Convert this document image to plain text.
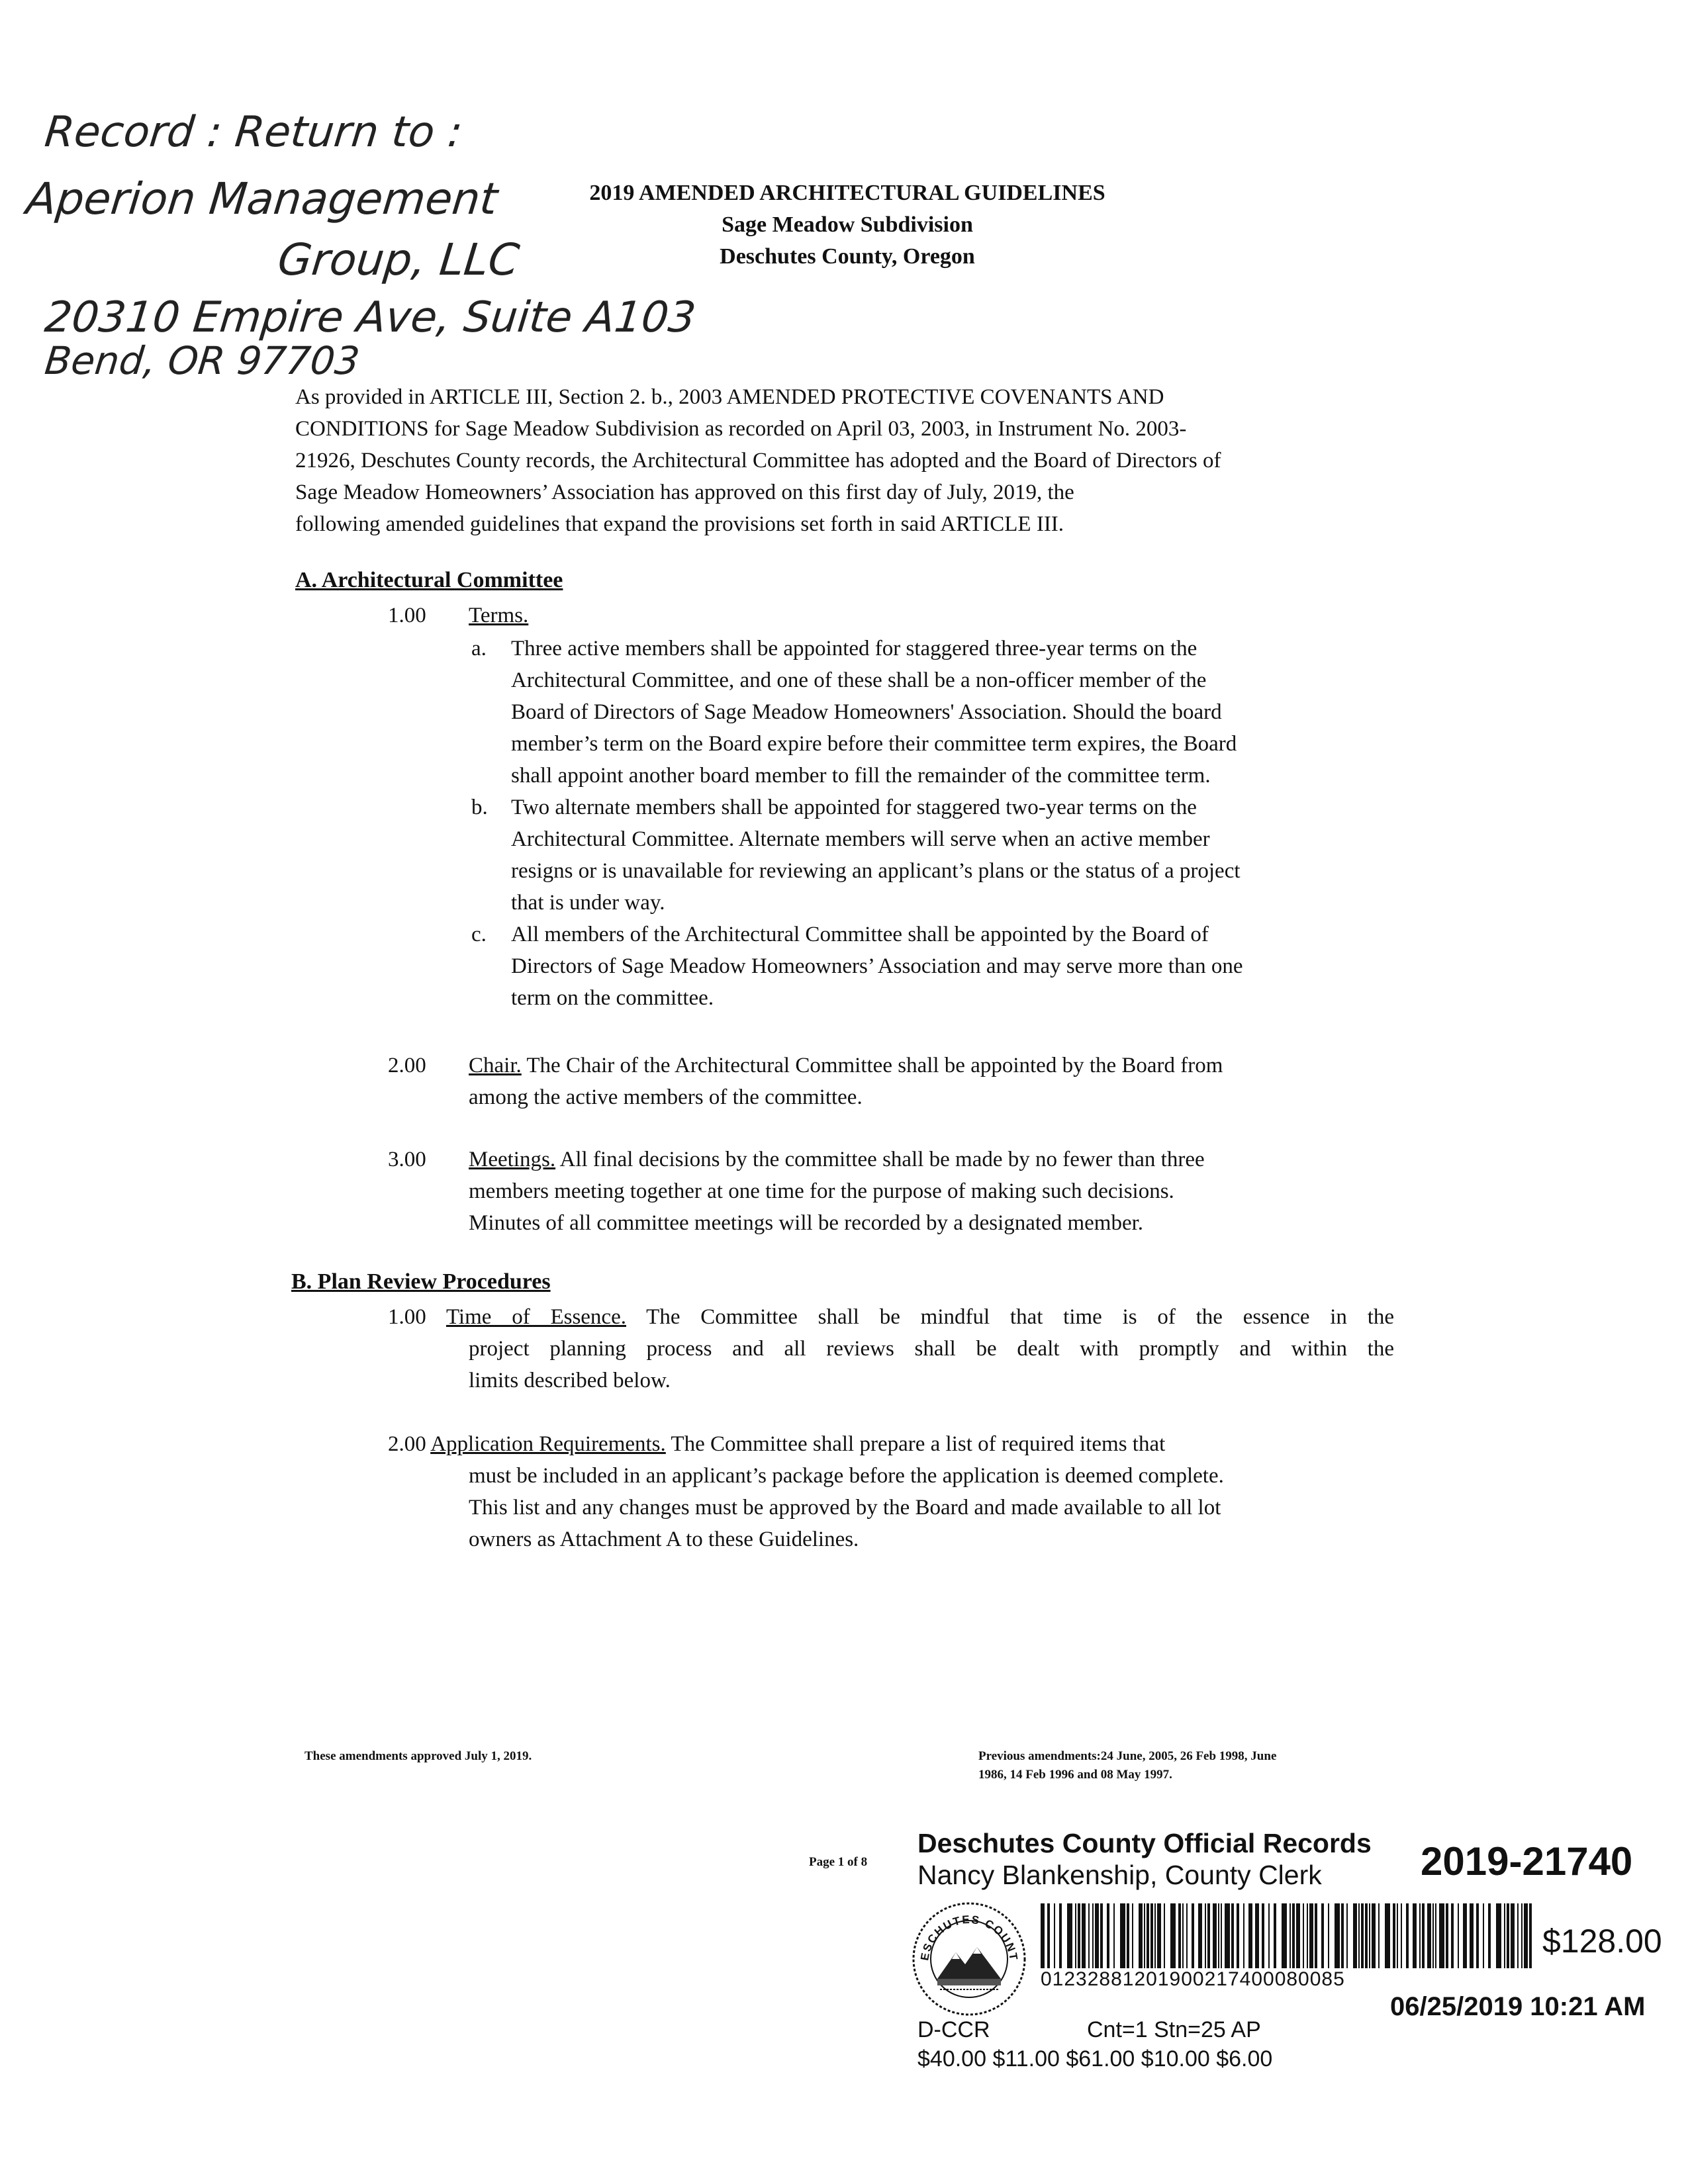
Record : Return to :
Aperion Management
Group, LLC
20310 Empire Ave, Suite A103
Bend, OR 97703
2019 AMENDED ARCHITECTURAL GUIDELINES
Sage Meadow Subdivision
Deschutes County, Oregon
As provided in ARTICLE III, Section 2. b., 2003 AMENDED PROTECTIVE COVENANTS AND
CONDITIONS for Sage Meadow Subdivision as recorded on April 03, 2003, in Instrument No. 2003-
21926, Deschutes County records, the Architectural Committee has adopted and the Board of Directors of
Sage Meadow Homeowners’ Association has approved on this first day of July, 2019, the
following amended guidelines that expand the provisions set forth in said ARTICLE III.
A. Architectural Committee
1.00 Terms.
a. Three active members shall be appointed for staggered three-year terms on the
Architectural Committee, and one of these shall be a non-officer member of the
Board of Directors of Sage Meadow Homeowners' Association. Should the board
member’s term on the Board expire before their committee term expires, the Board
shall appoint another board member to fill the remainder of the committee term.
b. Two alternate members shall be appointed for staggered two-year terms on the
Architectural Committee. Alternate members will serve when an active member
resigns or is unavailable for reviewing an applicant’s plans or the status of a project
that is under way.
c. All members of the Architectural Committee shall be appointed by the Board of
Directors of Sage Meadow Homeowners’ Association and may serve more than one
term on the committee.
2.00 Chair. The Chair of the Architectural Committee shall be appointed by the Board from
among the active members of the committee.
3.00 Meetings. All final decisions by the committee shall be made by no fewer than three
members meeting together at one time for the purpose of making such decisions.
Minutes of all committee meetings will be recorded by a designated member.
B. Plan Review Procedures
1.00 Time of Essence. The Committee shall be mindful that time is of the essence in the
project planning process and all reviews shall be dealt with promptly and within the
limits described below.
2.00 Application Requirements. The Committee shall prepare a list of required items that
must be included in an applicant’s package before the application is deemed complete.
This list and any changes must be approved by the Board and made available to all lot
owners as Attachment A to these Guidelines.
These amendments approved July 1, 2019.	Previous amendments:24 June, 2005, 26 Feb 1998, June
1986, 14 Feb 1996 and 08 May 1997.
Page 1 of 8
Deschutes County Official Records
Nancy Blankenship, County Clerk 2019-21740
ESCHUTES COUNT
01232881201900217400080085
$128.00
06/25/2019 10:21 AM
D-CCR	Cnt=1 Stn=25 AP
$40.00 $11.00 $61.00 $10.00 $6.00
